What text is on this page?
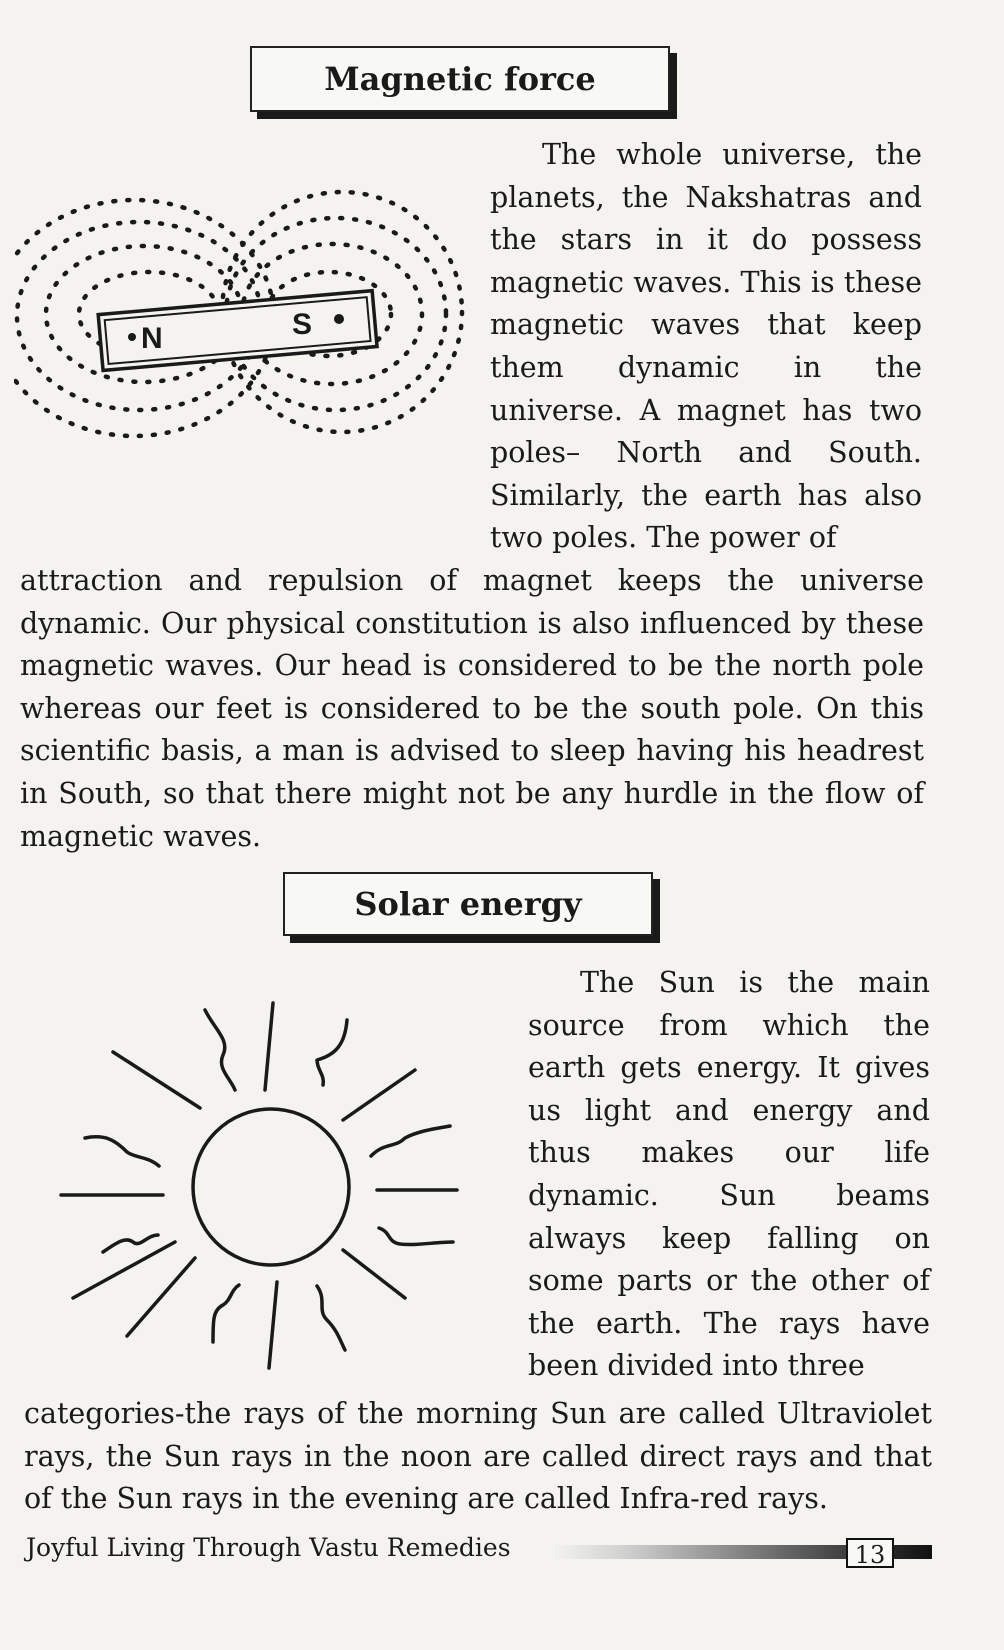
Magnetic force
N	S

The whole universe, the planets, the Nakshatras and the stars in it do possess magnetic waves. This is these magnetic waves that keep them dynamic in the universe. A magnet has two poles– North and South. Similarly, the earth has also two poles. The power of

attraction and repulsion of magnet keeps the universe dynamic. Our physical constitution is also influenced by these magnetic waves. Our head is considered to be the north pole whereas our feet is considered to be the south pole. On this scientific basis, a man is advised to sleep having his headrest in South, so that there might not be any hurdle in the flow of magnetic waves.

Solar energy

The Sun is the main source from which the earth gets energy. It gives us light and energy and thus makes our life dynamic. Sun beams always keep falling on some parts or the other of the earth. The rays have been divided into three

categories-the rays of the morning Sun are called Ultraviolet rays, the Sun rays in the noon are called direct rays and that of the Sun rays in the evening are called Infra-red rays.

Joyful Living Through Vastu Remedies	13
